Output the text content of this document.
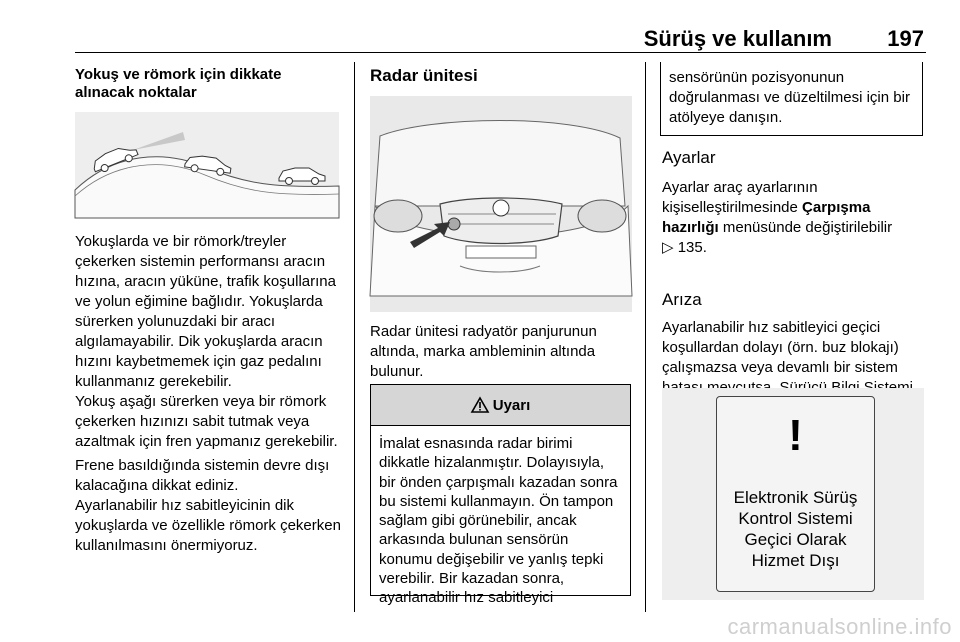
Sürüş ve kullanım	197
Yokuş ve römork için dikkate alınacak noktalar
Yokuşlarda ve bir römork/treyler çekerken sistemin performansı aracın hızına, aracın yüküne, trafik koşullarına ve yolun eğimine bağlıdır. Yokuşlarda sürerken yolunuzdaki bir aracı algılamayabilir. Dik yokuşlarda aracın hızını kaybetmemek için gaz pedalını kullanmanız gerekebilir.
Yokuş aşağı sürerken veya bir römork çekerken hızınızı sabit tutmak veya azaltmak için fren yapmanız gerekebilir.
Frene basıldığında sistemin devre dışı kalacağına dikkat ediniz.
Ayarlanabilir hız sabitleyicinin dik yokuşlarda ve özellikle römork çekerken kullanılmasını önermiyoruz.
Radar ünitesi
Radar ünitesi radyatör panjurunun altında, marka ambleminin altında bulunur.
Uyarı
İmalat esnasında radar birimi dikkatle hizalanmıştır. Dolayısıyla, bir önden çarpışmalı kazadan sonra bu sistemi kullanmayın. Ön tampon sağlam gibi görünebilir, ancak arkasında bulunan sensörün konumu değişebilir ve yanlış tepki verebilir. Bir kazadan sonra, ayarlanabilir hız sabitleyici
sensörünün pozisyonunun doğrulanması ve düzeltilmesi için bir atölyeye danışın.
Ayarlar
Ayarlar araç ayarlarının kişiselleştirilmesinde Çarpışma hazırlığı menüsünde değiştirilebilir
▷ 135.
Arıza
Ayarlanabilir hız sabitleyici geçici koşullardan dolayı (örn. buz blokajı) çalışmazsa veya devamlı bir sistem
!
Elektronik Sürüş
Kontrol Sistemi
Geçici Olarak
Hizmet Dışı
carmanualsonline.info
